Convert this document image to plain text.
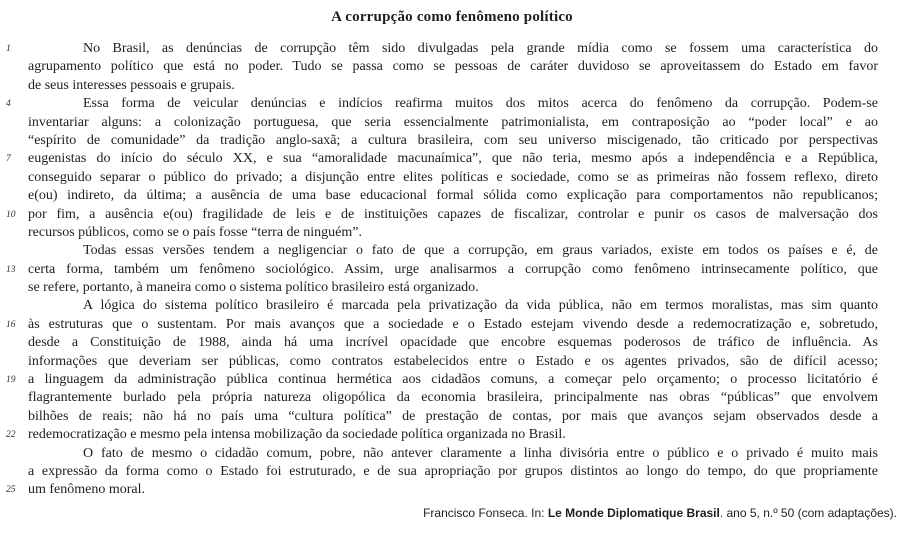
A corrupção como fenômeno político
1	No Brasil, as denúncias de corrupção têm sido divulgadas pela grande mídia como se fossem uma característica do
agrupamento político que está no poder. Tudo se passa como se pessoas de caráter duvidoso se aproveitassem do Estado em favor
de seus interesses pessoais e grupais.
4	Essa forma de veicular denúncias e indícios reafirma muitos dos mitos acerca do fenômeno da corrupção. Podem-se
inventariar alguns: a colonização portuguesa, que seria essencialmente patrimonialista, em contraposição ao “poder local” e ao
“espírito de comunidade” da tradição anglo-saxã; a cultura brasileira, com seu universo miscigenado, tão criticado por perspectivas
7 eugenistas do início do século XX, e sua “amoralidade macunaímica”, que não teria, mesmo após a independência e a República,
conseguido separar o público do privado; a disjunção entre elites políticas e sociedade, como se as primeiras não fossem reflexo, direto
e(ou) indireto, da última; a ausência de uma base educacional formal sólida como explicação para comportamentos não republicanos;
10 por fim, a ausência e(ou) fragilidade de leis e de instituições capazes de fiscalizar, controlar e punir os casos de malversação dos
recursos públicos, como se o país fosse “terra de ninguém”.
Todas essas versões tendem a negligenciar o fato de que a corrupção, em graus variados, existe em todos os países e é, de
13 certa forma, também um fenômeno sociológico. Assim, urge analisarmos a corrupção como fenômeno intrinsecamente político, que
se refere, portanto, à maneira como o sistema político brasileiro está organizado.
A lógica do sistema político brasileiro é marcada pela privatização da vida pública, não em termos moralistas, mas sim quanto
16 às estruturas que o sustentam. Por mais avanços que a sociedade e o Estado estejam vivendo desde a redemocratização e, sobretudo,
desde a Constituição de 1988, ainda há uma incrível opacidade que encobre esquemas poderosos de tráfico de influência. As
informações que deveriam ser públicas, como contratos estabelecidos entre o Estado e os agentes privados, são de difícil acesso;
19 a linguagem da administração pública continua hermética aos cidadãos comuns, a começar pelo orçamento; o processo licitatório é
flagrantemente burlado pela própria natureza oligopólica da economia brasileira, principalmente nas obras “públicas” que envolvem
bilhões de reais; não há no país uma “cultura política” de prestação de contas, por mais que avanços sejam observados desde a
22 redemocratização e mesmo pela intensa mobilização da sociedade política organizada no Brasil.
O fato de mesmo o cidadão comum, pobre, não antever claramente a linha divisória entre o público e o privado é muito mais
a expressão da forma como o Estado foi estruturado, e de sua apropriação por grupos distintos ao longo do tempo, do que propriamente
25 um fenômeno moral.
Francisco Fonseca. In: Le Monde Diplomatique Brasil. ano 5, n.º 50 (com adaptações).
